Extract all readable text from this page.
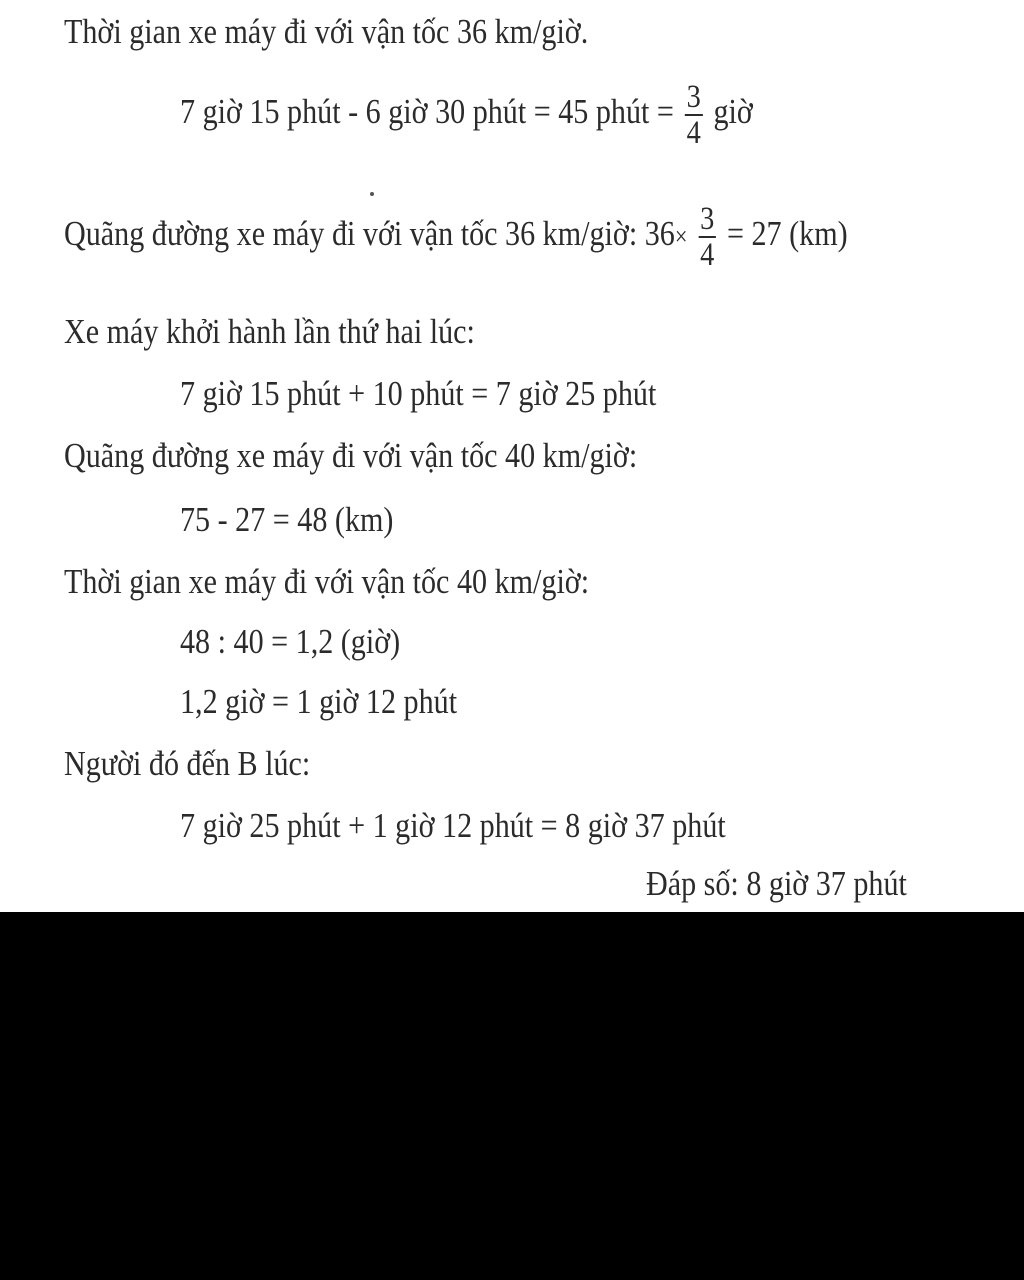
Thời gian xe máy đi với vận tốc 36 km/giờ.
7 giờ 15 phút - 6 giờ 30 phút = 45 phút = $\frac{3}{4}$ giờ
Quãng đường xe máy đi với vận tốc 36 km/giờ: $36\times \frac{3}{4} = 27$ (km)
Xe máy khởi hành lần thứ hai lúc:
7 giờ 15 phút + 10 phút = 7 giờ 25 phút
Quãng đường xe máy đi với vận tốc 40 km/giờ:
75 - 27 = 48 (km)
Thời gian xe máy đi với vận tốc 40 km/giờ:
48 : 40 = 1,2 (giờ)
1,2 giờ = 1 giờ 12 phút
Người đó đến B lúc:
7 giờ 25 phút + 1 giờ 12 phút = 8 giờ 37 phút
Đáp số: 8 giờ 37 phút
